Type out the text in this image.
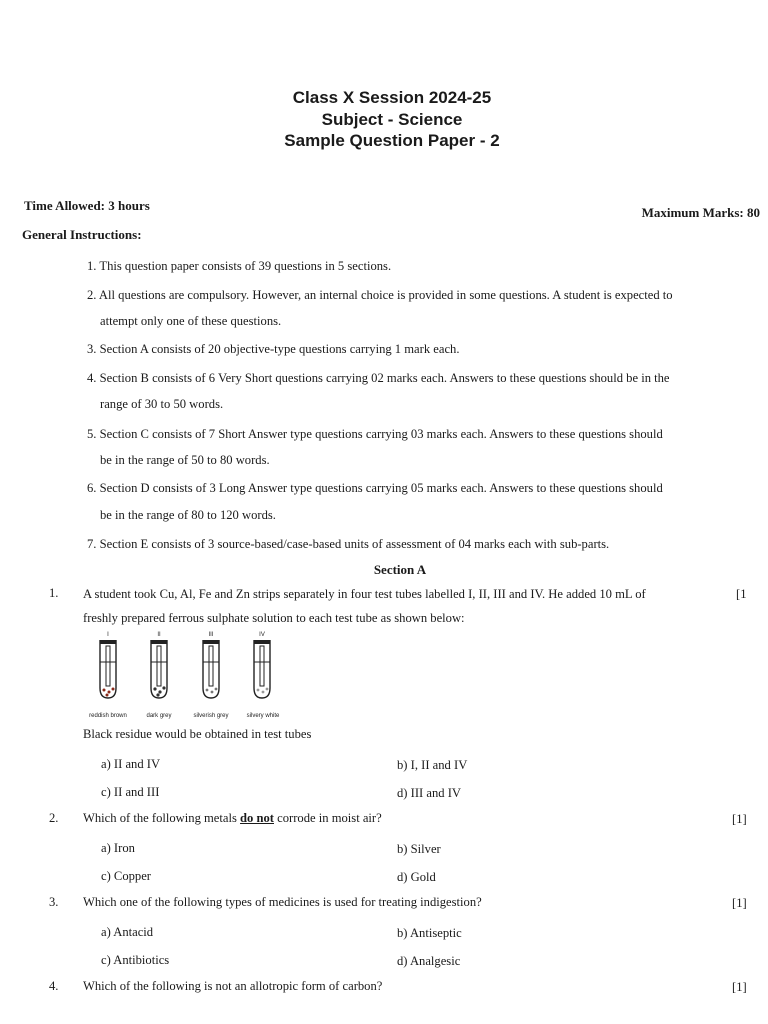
Class X Session 2024-25
Subject - Science
Sample Question Paper - 2
Time Allowed: 3 hours	Maximum Marks: 80
General Instructions:
1. This question paper consists of 39 questions in 5 sections.
2. All questions are compulsory. However, an internal choice is provided in some questions. A student is expected to
attempt only one of these questions.
3. Section A consists of 20 objective-type questions carrying 1 mark each.
4. Section B consists of 6 Very Short questions carrying 02 marks each. Answers to these questions should be in the
range of 30 to 50 words.
5. Section C consists of 7 Short Answer type questions carrying 03 marks each. Answers to these questions should
be in the range of 50 to 80 words.
6. Section D consists of 3 Long Answer type questions carrying 05 marks each. Answers to these questions should
be in the range of 80 to 120 words.
7. Section E consists of 3 source-based/case-based units of assessment of 04 marks each with sub-parts.
Section A
1. A student took Cu, Al, Fe and Zn strips separately in four test tubes labelled I, II, III and IV. He added 10 mL of	[1
freshly prepared ferrous sulphate solution to each test tube as shown below:
I	II	III	IV
reddish brown	dark grey	silverish grey	silvery white
Black residue would be obtained in test tubes
a) II and IV	b) I, II and IV
c) II and III	d) III and IV
2. Which of the following metals do not corrode in moist air?	[1]
a) Iron	b) Silver
c) Copper	d) Gold
3. Which one of the following types of medicines is used for treating indigestion?	[1]
a) Antacid	b) Antiseptic
c) Antibiotics	d) Analgesic
4. Which of the following is not an allotropic form of carbon?	[1]
